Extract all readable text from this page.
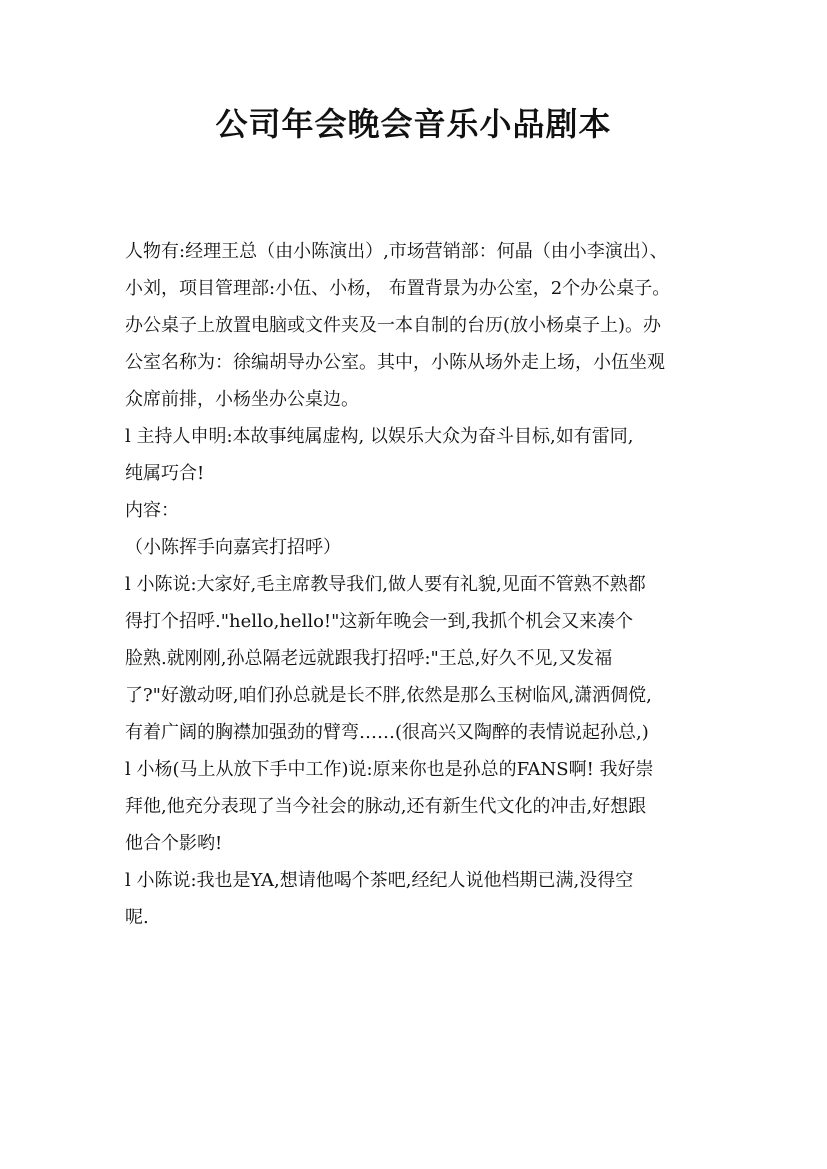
公司年会晚会音乐小品剧本
人物有:经理王总（由小陈演出）,市场营销部：何晶（由小李演出）、
小刘，项目管理部:小伍、小杨， 布置背景为办公室，2个办公桌子。
办公桌子上放置电脑或文件夹及一本自制的台历(放小杨桌子上)。办
公室名称为：徐编胡导办公室。其中，小陈从场外走上场，小伍坐观
众席前排，小杨坐办公桌边。
l 主持人申明:本故事纯属虚构, 以娱乐大众为奋斗目标,如有雷同,
纯属巧合!
内容：
（小陈挥手向嘉宾打招呼）
l 小陈说:大家好,毛主席教导我们,做人要有礼貌,见面不管熟不熟都
得打个招呼."hello,hello!"这新年晚会一到,我抓个机会又来凑个
脸熟.就刚刚,孙总隔老远就跟我打招呼:"王总,好久不见,又发福
了?"好激动呀,咱们孙总就是长不胖,依然是那么玉树临风,潇洒倜傥,
有着广阔的胸襟加强劲的臂弯……(很高兴又陶醉的表情说起孙总,)
l 小杨(马上从放下手中工作)说:原来你也是孙总的FANS啊! 我好崇
拜他,他充分表现了当今社会的脉动,还有新生代文化的冲击,好想跟
他合个影哟!
l 小陈说:我也是YA,想请他喝个茶吧,经纪人说他档期已满,没得空
呢.
